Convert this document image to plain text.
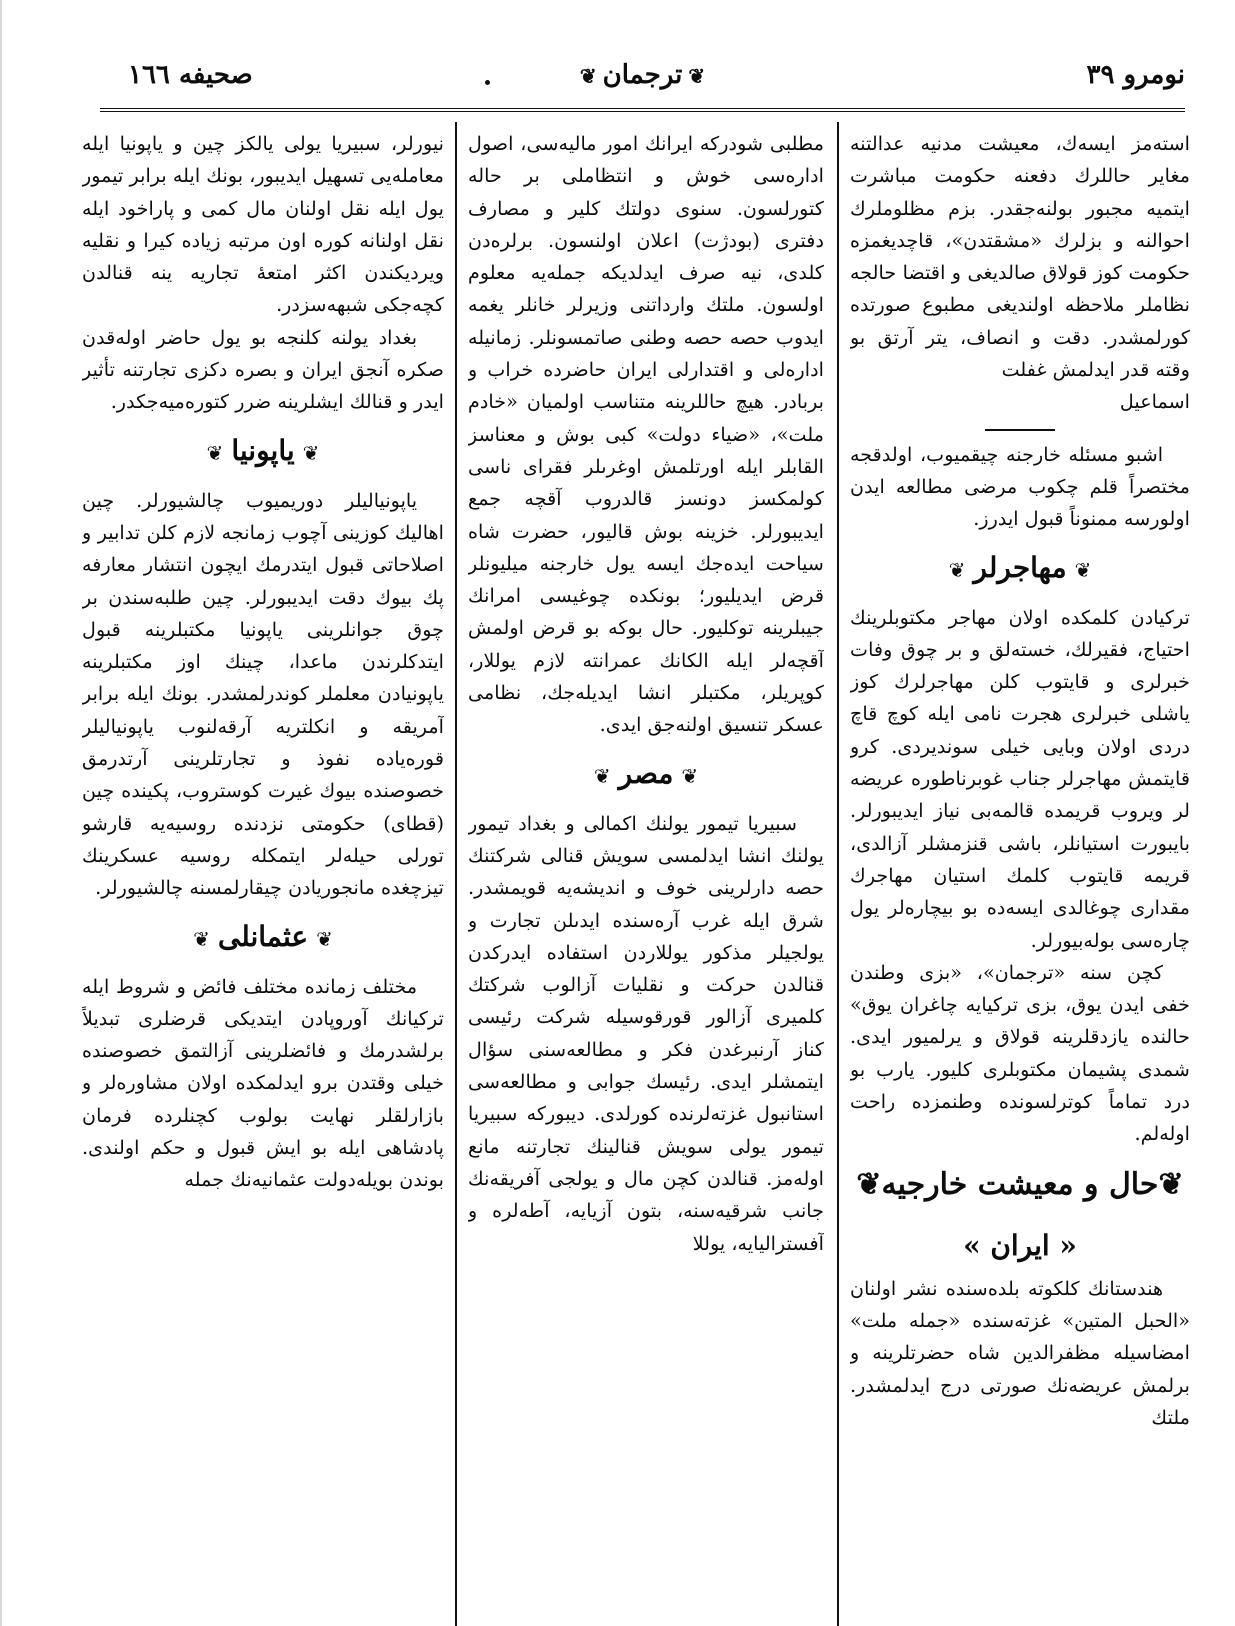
نومرو ٣٩
❦ ترجمان ❦
صحيفه ١٦٦

استەمز ايسەك، معيشت مدنيه عدالتنه مغاير حاللرك دفعنه حكومت مباشرت ايتمیه مجبور بولنه‌جقدر. بزم مظلوملرك احوالنه و بزلرك «مشقتدن»، قاچديغمزه حكومت كوز قولاق صالديغى و اقتضا حالجه نظاملر ملاحظه اولنديغى مطبوع صورتده كورلمشدر. دقت و انصاف، يتر آرتق بو وقته قدر ايدلمش غفلت

اسماعيل

اشبو مسئله خارجنه چيقميوب، اولدقجه مختصراً قلم چكوب مرضى مطالعه ايدن اولورسه ممنوناً قبول ايدرز.

❦مهاجرلر❦

تركيادن كلمكده اولان مهاجر مكتوبلرينك احتياج، فقيرلك، خستەلق و بر چوق وفات خبرلرى و قايتوب كلن مهاجرلرك كوز ياشلى خبرلرى هجرت نامى ايله كوچ قاچ دردى اولان وبايى خيلى سونديردى. كرو قايتمش مهاجرلر جناب غوبرناطوره عريضه لر ويروب قريمده قالمەبى نياز ايديبورلر. بايبورت استيانلر، باشى قنزمشلر آزالدى، قريمه قايتوب كلمك استيان مهاجرك مقدارى چوغالدى ايسەده بو بيچارەلر يول چارەسى بولەبيورلر.

كچن سنه «ترجمان»، «بزى وطندن خفى ايدن يوق، بزى تركيايه چاغران يوق» حالنده يازدقلرينه قولاق و يرلميور ايدى. شمدى پشيمان مكتوبلرى كليور. يارب بو درد تماماً كوترلسونده وطنمزده راحت اولەلم.

❦حال و معيشت خارجيه❦
« ايران »

هندستانك كلكوته بلده‌سنده نشر اولنان «الحبل المتين» غزته‌سنده «جمله ملت» امضاسيله مظفرالدين شاه حضرتلرينه و برلمش عريضه‌نك صورتى درج ايدلمشدر. ملتك

مطلبى شودركه ايرانك امور ماليەسى، اصول ادارەسى خوش و انتظاملى بر حاله كتورلسون. سنوى دولتك كلير و مصارف دفترى (بودژت) اعلان اولنسون. برلرەدن كلدى، نيه صرف ايدلديكه جمله‌يه معلوم اولسون. ملتك وارداتنى وزيرلر خانلر يغمه ايدوب حصه حصه وطنى صاتمسونلر. زمانيله ادارەلى و اقتدارلى ايران حاضرده خراب و بربادر. هيچ حاللرينه متناسب اولميان «خادم ملت»، «ضياء دولت» كبى بوش و معناسز القابلر ايله اورتلمش اوغرىلر فقراى ناسى كولمكسز دونسز قالدروب آقچه جمع ايديبورلر. خزينه بوش قاليور، حضرت شاه سياحت ايدەجك ايسه يول خارجنه ميليونلر قرض ايديليور؛ بونكده چوغيسى امرانك جيبلرينه توكليور. حال بوكه بو قرض اولمش آقچەلر ايله الكانك عمرانته لازم يوللار، كوپريلر، مكتبلر انشا ايديلەجك، نظامى عسكر تنسيق اولنەجق ايدى.

❦مصر❦

سبيريا تيمور يولنك اكمالى و بغداد تيمور يولنك انشا ايدلمسى سويش قنالى شركتنك حصه دارلرينى خوف و اندیشەيه قويمشدر. شرق ايله غرب آرەسنده ايدىلن تجارت و يولجيلر مذكور يوللاردن استفاده ايدركدن قنالدن حركت و نقليات آزالوب شركتك كلميرى آزالور قورقوسيله شركت رئيسى كناز آرنبرغدن فكر و مطالعەسنى سؤال ايتمشلر ايدى. رئيسك جوابى و مطالعەسى استانبول غزتەلرنده كورلدى. ديبوركه سبيريا تيمور يولى سويش قنالينك تجارتنه مانع اولەمز. قنالدن كچن مال و يولجى آفريقەنك جانب شرقيەسنه، بتون آزيايه، آطەلره و آفستراليايه، يوللا

نيورلر، سبيريا يولى يالكز چين و ياپونيا ايله معاملەيى تسهيل ايديبور، بونك ايله برابر تيمور يول ايله نقل اولنان مال كمى و پاراخود ايله نقل اولنانه كوره اون مرتبه زياده كيرا و نقليه ويرديكندن اكثر امتعهٔ تجاريه ينه قنالدن كچەجكى شبهەسزدر.

بغداد يولنه كلنجه بو يول حاضر اولەقدن صكره آنجق ايران و بصره دكزى تجارتنه تأثير ايدر و قنالك ايشلرينه ضرر كتورەميەجكدر.

❦ياپونيا❦

ياپونياليلر دوريميوب چالشيورلر. چين اهاليك كوزينى آچوب زمانجه لازم كلن تدابير و اصلاحاتى قبول ايتدرمك ايچون انتشار معارفه پك بيوك دقت ايديبورلر. چين طلبەسندن بر چوق جوانلرينى ياپونيا مكتبلرينه قبول ايتدكلرندن ماعدا، چينك اوز مكتبلرينه ياپونيادن معلملر كوندرلمشدر. بونك ايله برابر آمريقه و انكلتريه آرقەلنوب ياپونياليلر قورەياده نفوذ و تجارتلرينى آرتدرمق خصوصنده بيوك غيرت كوستروب، پكينده چين (قطاى) حكومتى نزدنده روسيەيه قارشو تورلى حيلەلر ايتمكله روسيه عسكرينك تيزچغده مانجوريادن چيقارلمسنه چالشيورلر.

❦عثمانلى❦

مختلف زمانده مختلف فائض و شروط ايله تركيانك آوروپادن ايتديكى قرضلرى تبديلاً برلشدرمك و فائضلرينى آزالتمق خصوصنده خيلى وقتدن برو ايدلمكده اولان مشاورەلر و بازارلقلر نهايت بولوب كچنلرده فرمان پادشاهى ايله بو ايش قبول و حكم اولندى. بوندن بويلەدولت عثمانيەنك جمله
